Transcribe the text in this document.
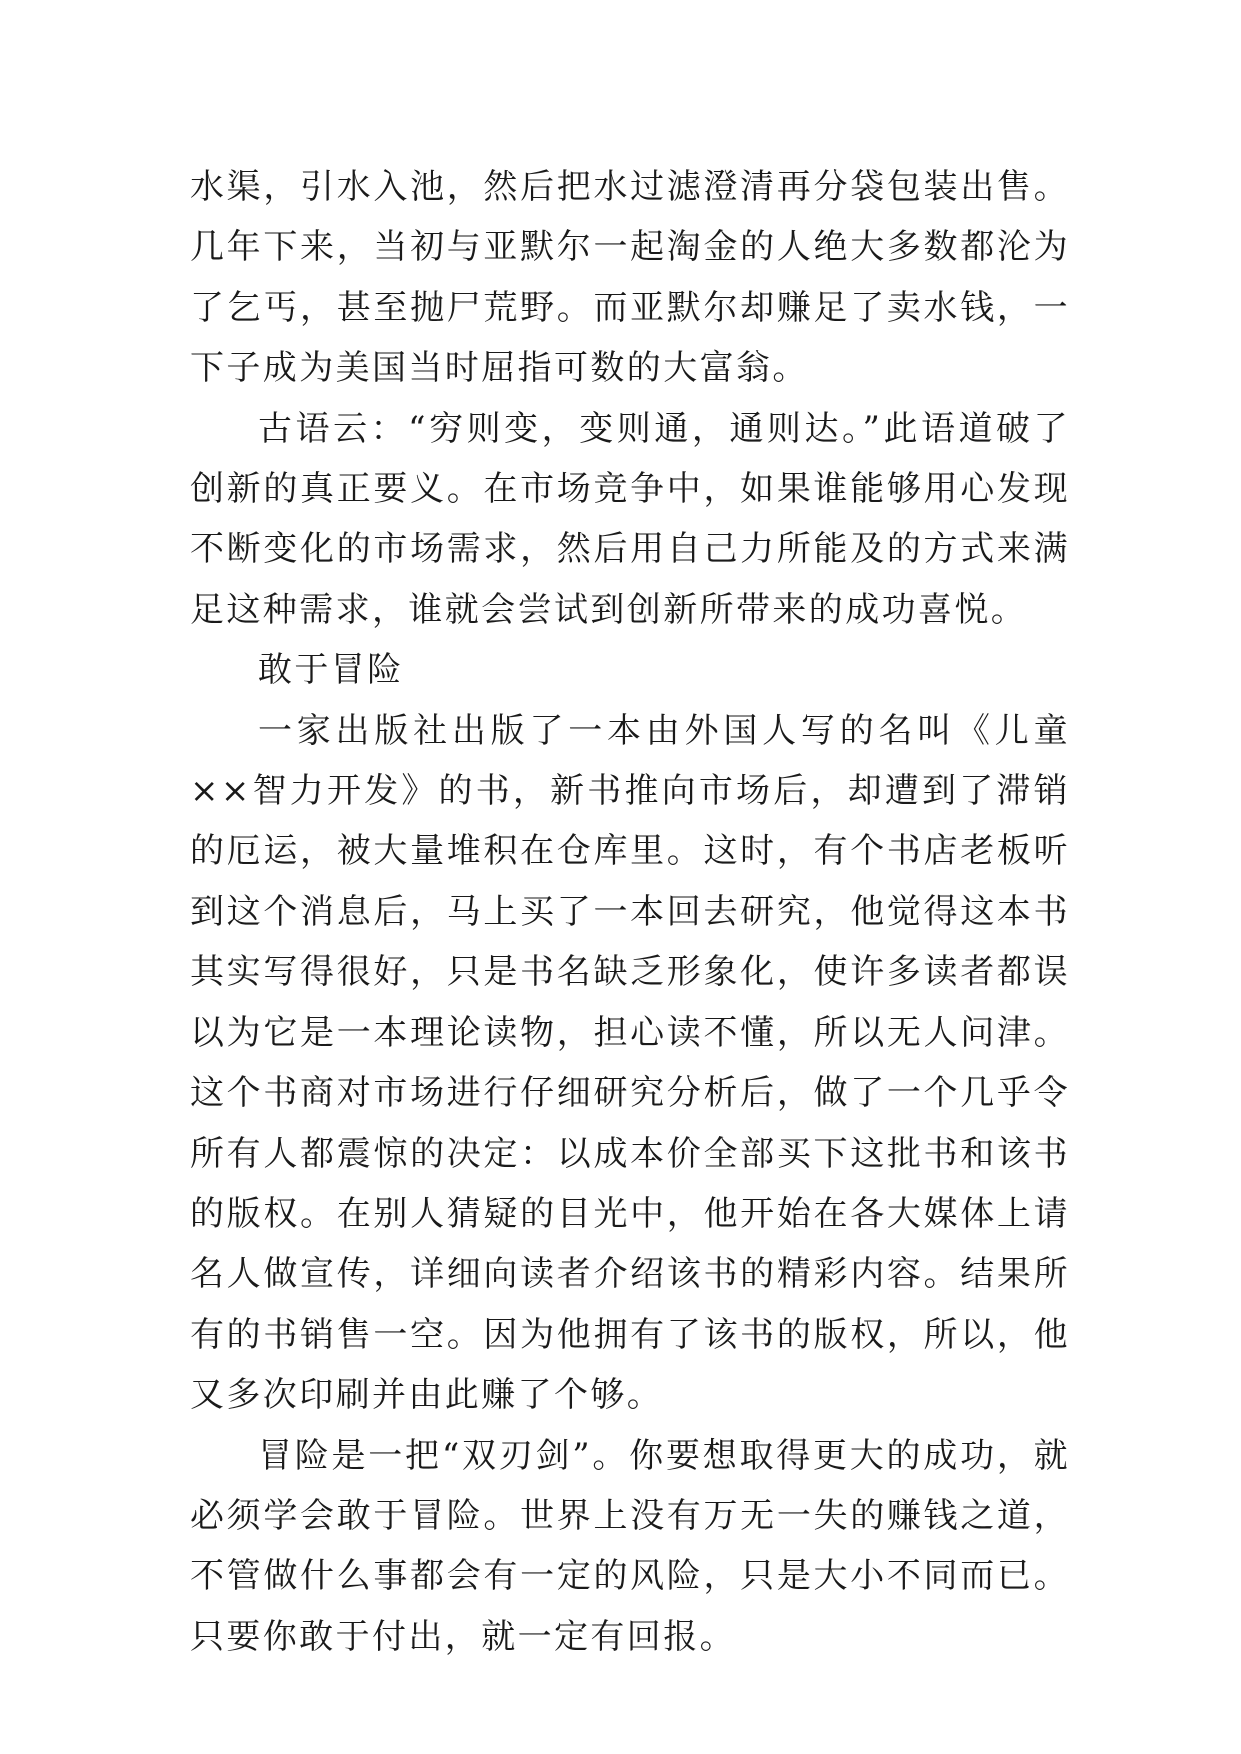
水渠，引水入池，然后把水过滤澄清再分袋包装出售。几年下来，当初与亚默尔一起淘金的人绝大多数都沦为了乞丐，甚至抛尸荒野。而亚默尔却赚足了卖水钱，一下子成为美国当时屈指可数的大富翁。

古语云：“穷则变，变则通，通则达。”此语道破了创新的真正要义。在市场竞争中，如果谁能够用心发现不断变化的市场需求，然后用自己力所能及的方式来满足这种需求，谁就会尝试到创新所带来的成功喜悦。

敢于冒险

一家出版社出版了一本由外国人写的名叫《儿童××智力开发》的书，新书推向市场后，却遭到了滞销的厄运，被大量堆积在仓库里。这时，有个书店老板听到这个消息后，马上买了一本回去研究，他觉得这本书其实写得很好，只是书名缺乏形象化，使许多读者都误以为它是一本理论读物，担心读不懂，所以无人问津。这个书商对市场进行仔细研究分析后，做了一个几乎令所有人都震惊的决定：以成本价全部买下这批书和该书的版权。在别人猜疑的目光中，他开始在各大媒体上请名人做宣传，详细向读者介绍该书的精彩内容。结果所有的书销售一空。因为他拥有了该书的版权，所以，他又多次印刷并由此赚了个够。

冒险是一把“双刃剑”。你要想取得更大的成功，就必须学会敢于冒险。世界上没有万无一失的赚钱之道，不管做什么事都会有一定的风险，只是大小不同而已。只要你敢于付出，就一定有回报。
